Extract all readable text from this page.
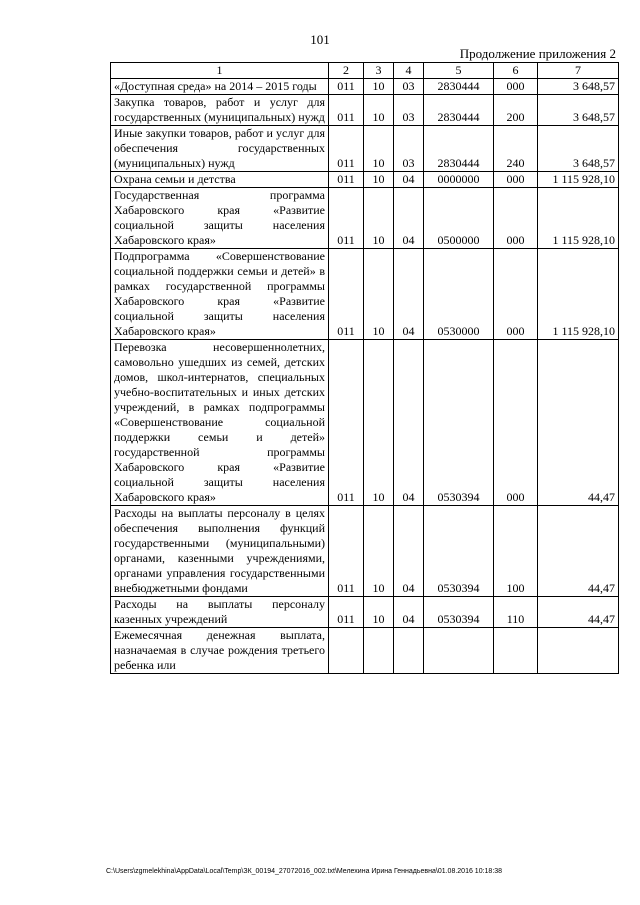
101
Продолжение приложения 2
1	2	3	4	5	6	7
«Доступная среда» на 2014 – 2015 годы	011	10	03	2830444	000	3 648,57
Закупка товаров, работ и услуг для государственных (муниципальных) нужд	011	10	03	2830444	200	3 648,57
Иные закупки товаров, работ и услуг для обеспечения государственных (муниципальных) нужд	011	10	03	2830444	240	3 648,57
Охрана семьи и детства	011	10	04	0000000	000	1 115 928,10
Государственная программа Хабаровского края «Развитие социальной защиты населения Хабаровского края»	011	10	04	0500000	000	1 115 928,10
Подпрограмма «Совершенствование социальной поддержки семьи и детей» в рамках государственной программы Хабаровского края «Развитие социальной защиты населения Хабаровского края»	011	10	04	0530000	000	1 115 928,10
Перевозка несовершеннолетних, самовольно ушедших из семей, детских домов, школ-интернатов, специальных учебно-воспитательных и иных детских учреждений, в рамках подпрограммы «Совершенствование социальной поддержки семьи и детей» государственной программы Хабаровского края «Развитие социальной защиты населения Хабаровского края»	011	10	04	0530394	000	44,47
Расходы на выплаты персоналу в целях обеспечения выполнения функций государственными (муниципальными) органами, казенными учреждениями, органами управления государственными внебюджетными фондами	011	10	04	0530394	100	44,47
Расходы на выплаты персоналу казенных учреждений	011	10	04	0530394	110	44,47
Ежемесячная денежная выплата, назначаемая в случае рождения третьего ребенка или						
C:\Users\zgmelekhina\AppData\Local\Temp\ЗК_00194_27072016_002.txt\Мелехина Ирина Геннадьевна\01.08.2016 10:18:38
